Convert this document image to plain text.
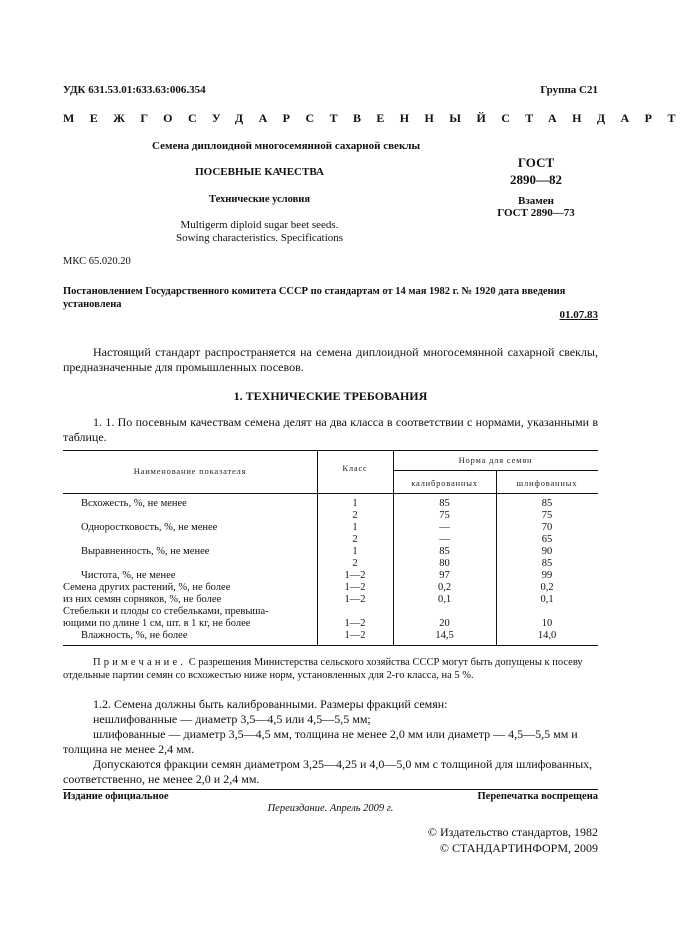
УДК 631.53.01:633.63:006.354	Группа С21
МЕЖГОСУДАРСТВЕННЫЙ СТАНДАРТ
Семена диплоидной многосемянной сахарной свеклы
ПОСЕВНЫЕ КАЧЕСТВА
Технические условия
Multigerm diploid sugar beet seeds.
Sowing characteristics. Specifications
ГОСТ
2890—82
Взамен
ГОСТ 2890—73
МКС 65.020.20
Постановлением Государственного комитета СССР по стандартам от 14 мая 1982 г. № 1920 дата введения установлена
01.07.83
Настоящий стандарт распространяется на семена диплоидной многосемянной сахарной свеклы, предназначенные для промышленных посевов.
1. ТЕХНИЧЕСКИЕ ТРЕБОВАНИЯ
1. 1. По посевным качествам семена делят на два класса в соответствии с нормами, указанными в таблице.
Наименование показателя	Класс
Норма для семян
калиброванных	шлифованных
Всхожесть, %, не менее	1	85	85
2	75	75
Одноростковость, %, не менее	1	—	70
2	—	65
Выравненность, %, не менее	1	85	90
2	80	85
Чистота, %, не менее	1—2	97	99
Семена других растений, %, не более	1—2	0,2	0,2
из них семян сорняков, %, не более	1—2	0,1	0,1
Стебельки и плоды со стебельками, превыша-
ющими по длине 1 см, шт. в 1 кг, не более	1—2	20	10
Влажность, %, не более	1—2	14,5	14,0
Примечание. С разрешения Министерства сельского хозяйства СССР могут быть допущены к посеву отдельные партии семян со всхожестью ниже норм, установленных для 2-го класса, на 5 %.
1.2. Семена должны быть калиброванными. Размеры фракций семян:
нешлифованные — диаметр 3,5—4,5 или 4,5—5,5 мм;
шлифованные — диаметр 3,5—4,5 мм, толщина не менее 2,0 мм или диаметр — 4,5—5,5 мм и
толщина не менее 2,4 мм.
Допускаются фракции семян диаметром 3,25—4,25 и 4,0—5,0 мм с толщиной для шлифованных,
соответственно, не менее 2,0 и 2,4 мм.
Издание официальное	Перепечатка воспрещена
Переиздание. Апрель 2009 г.
© Издательство стандартов, 1982
© СТАНДАРТИНФОРМ, 2009
